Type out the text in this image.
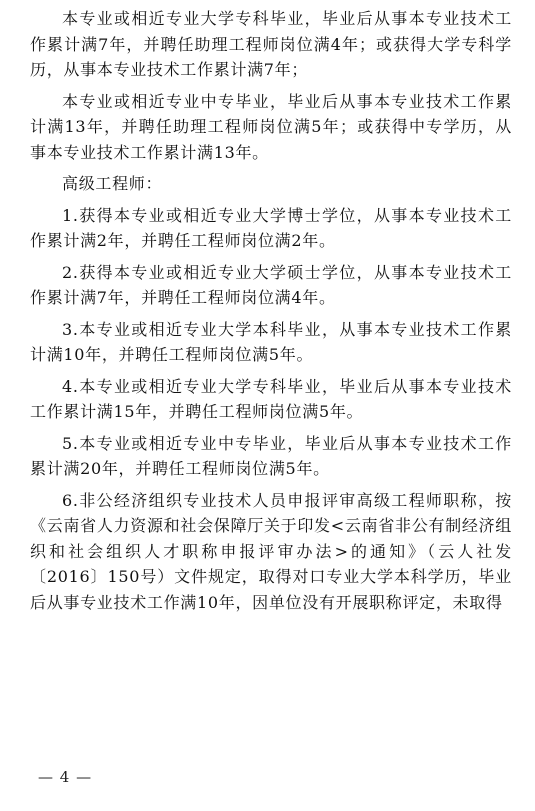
本专业或相近专业大学专科毕业，毕业后从事本专业技术工作累计满7年，并聘任助理工程师岗位满4年；或获得大学专科学历，从事本专业技术工作累计满7年；

本专业或相近专业中专毕业，毕业后从事本专业技术工作累计满13年，并聘任助理工程师岗位满5年；或获得中专学历，从事本专业技术工作累计满13年。

高级工程师：

1.获得本专业或相近专业大学博士学位，从事本专业技术工作累计满2年，并聘任工程师岗位满2年。

2.获得本专业或相近专业大学硕士学位，从事本专业技术工作累计满7年，并聘任工程师岗位满4年。

3.本专业或相近专业大学本科毕业，从事本专业技术工作累计满10年，并聘任工程师岗位满5年。

4.本专业或相近专业大学专科毕业，毕业后从事本专业技术工作累计满15年，并聘任工程师岗位满5年。

5.本专业或相近专业中专毕业，毕业后从事本专业技术工作累计满20年，并聘任工程师岗位满5年。

6.非公经济组织专业技术人员申报评审高级工程师职称，按《云南省人力资源和社会保障厅关于印发<云南省非公有制经济组织和社会组织人才职称申报评审办法>的通知》（云人社发〔2016〕150号）文件规定，取得对口专业大学本科学历，毕业后从事专业技术工作满10年，因单位没有开展职称评定，未取得

— 4 —
